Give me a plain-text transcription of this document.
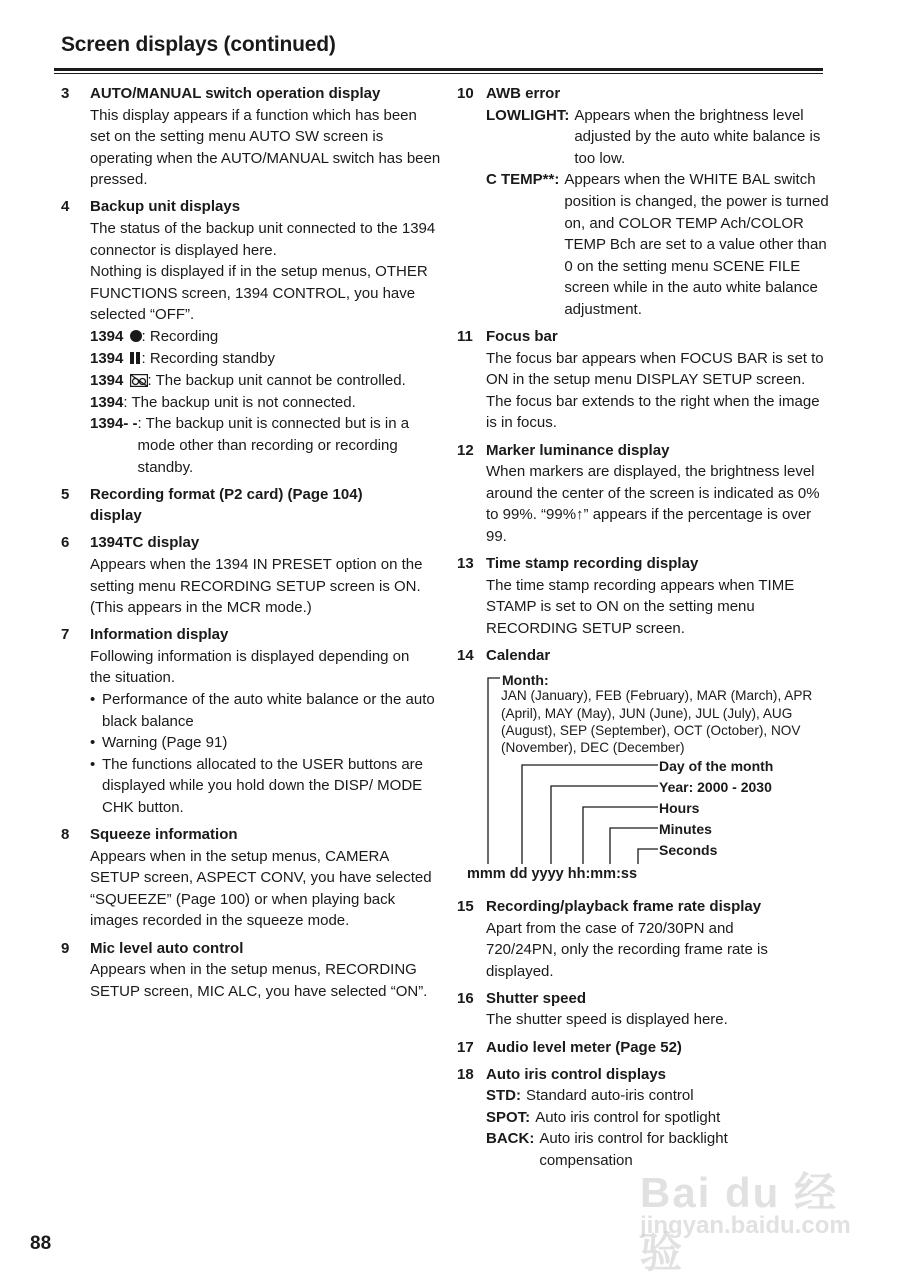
Screen displays (continued)
3 AUTO/MANUAL switch operation display

This display appears if a function which has been set on the setting menu AUTO SW screen is operating when the AUTO/MANUAL switch has been pressed.

4 Backup unit displays

The status of the backup unit connected to the 1394 connector is displayed here.

Nothing is displayed if in the setup menus, OTHER FUNCTIONS screen, 1394 CONTROL, you have selected “OFF”.

1394	: Recording
1394	: Recording standby
1394	: The backup unit cannot be controlled.
1394 : The backup unit is not connected.
1394- - : The backup unit is connected but is in a mode other than recording or recording standby.
5 Recording format (P2 card) (Page 104) display
6 1394TC display

Appears when the 1394 IN PRESET option on the setting menu RECORDING SETUP screen is ON. (This appears in the MCR mode.)

7 Information display

Following information is displayed depending on the situation.

• Performance of the auto white balance or the auto black balance
• Warning (Page 91)
• The functions allocated to the USER buttons are displayed while you hold down the DISP/ MODE CHK button.
8 Squeeze information

Appears when in the setup menus, CAMERA SETUP screen, ASPECT CONV, you have selected “SQUEEZE” (Page 100) or when playing back images recorded in the squeeze mode.

9 Mic level auto control

Appears when in the setup menus, RECORDING SETUP screen, MIC ALC, you have selected “ON”.

10 AWB error
LOWLIGHT: Appears when the brightness level adjusted by the auto white balance is too low.
C TEMP**: Appears when the WHITE BAL switch position is changed, the power is turned on, and COLOR TEMP Ach/COLOR TEMP Bch are set to a value other than 0 on the setting menu SCENE FILE screen while in the auto white balance adjustment.
11 Focus bar

The focus bar appears when FOCUS BAR is set to ON in the setup menu DISPLAY SETUP screen.

The focus bar extends to the right when the image is in focus.

12 Marker luminance display

When markers are displayed, the brightness level around the center of the screen is indicated as 0% to 99%. “99%↑” appears if the percentage is over 99.

13 Time stamp recording display

The time stamp recording appears when TIME STAMP is set to ON on the setting menu RECORDING SETUP screen.

14 Calendar
Month:
JAN (January), FEB (February), MAR (March), APR (April), MAY (May), JUN (June), JUL (July), AUG (August), SEP (September), OCT (October), NOV (November), DEC (December)
Day of the month
Year: 2000 - 2030
Hours
Minutes
Seconds
mmm dd yyyy hh:mm:ss
15 Recording/playback frame rate display

Apart from the case of 720/30PN and 720/24PN, only the recording frame rate is displayed.

16 Shutter speed

The shutter speed is displayed here.

17 Audio level meter (Page 52)
18 Auto iris control displays
STD: Standard auto-iris control
SPOT: Auto iris control for spotlight
BACK: Auto iris control for backlight compensation
88
Bai du 经验
jingyan.baidu.com
